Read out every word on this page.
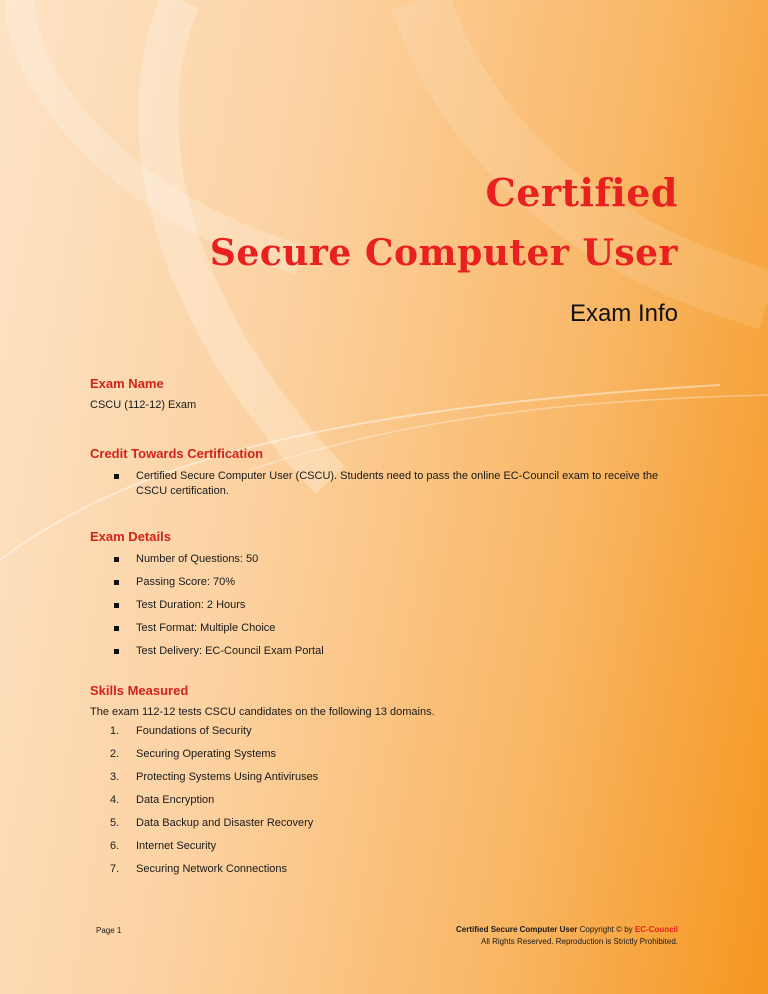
Certified
Secure Computer User
Exam Info

Exam Name

CSCU (112-12) Exam

Credit Towards Certification

Certified Secure Computer User (CSCU). Students need to pass the online EC-Council exam to receive the CSCU certification.

Exam Details

Number of Questions: 50
Passing Score: 70%
Test Duration: 2 Hours
Test Format: Multiple Choice
Test Delivery: EC-Council Exam Portal

Skills Measured

The exam 112-12 tests CSCU candidates on the following 13 domains.

1.	Foundations of Security
2.	Securing Operating Systems
3.	Protecting Systems Using Antiviruses
4.	Data Encryption
5.	Data Backup and Disaster Recovery
6.	Internet Security
7.	Securing Network Connections
Page 1	Certified Secure Computer User Copyright © by EC-Council
All Rights Reserved. Reproduction is Strictly Prohibited.
